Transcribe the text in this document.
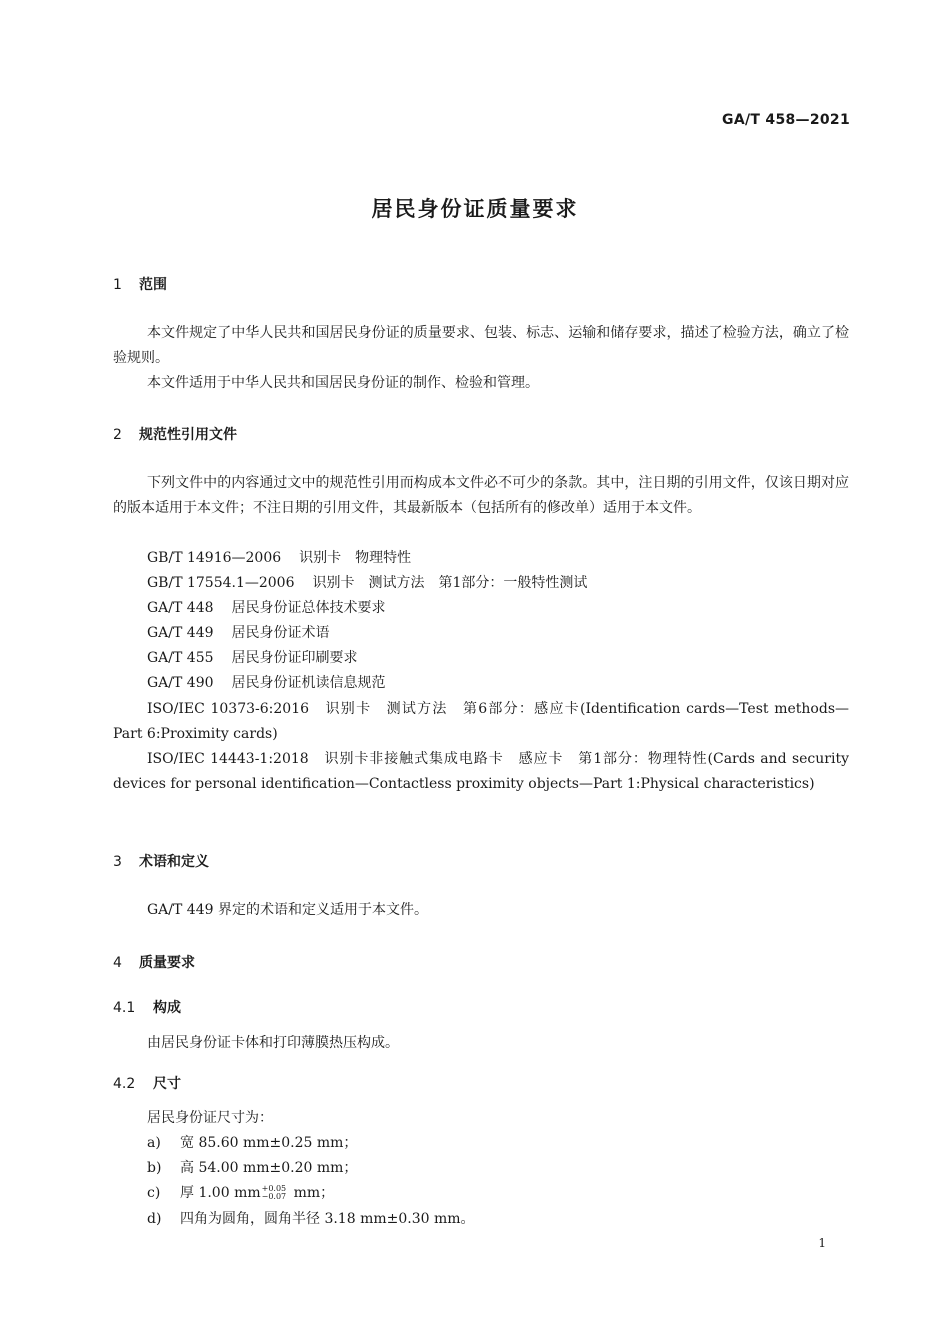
GA/T 458—2021
居民身份证质量要求
1 范围
本文件规定了中华人民共和国居民身份证的质量要求、包装、标志、运输和储存要求，描述了检验方法，确立了检验规则。
本文件适用于中华人民共和国居民身份证的制作、检验和管理。
2 规范性引用文件
下列文件中的内容通过文中的规范性引用而构成本文件必不可少的条款。其中，注日期的引用文件，仅该日期对应的版本适用于本文件；不注日期的引用文件，其最新版本（包括所有的修改单）适用于本文件。
GB/T 14916—2006 识别卡　物理特性
GB/T 17554.1—2006 识别卡　测试方法　第1部分：一般特性测试
GA/T 448 居民身份证总体技术要求
GA/T 449 居民身份证术语
GA/T 455 居民身份证印刷要求
GA/T 490 居民身份证机读信息规范
ISO/IEC 10373-6:2016　识别卡　测试方法　第6部分：感应卡(Identification cards—Test methods—Part 6:Proximity cards)
ISO/IEC 14443-1:2018　识别卡非接触式集成电路卡　感应卡　第1部分：物理特性(Cards and security devices for personal identification—Contactless proximity objects—Part 1:Physical characteristics)
3 术语和定义
GA/T 449 界定的术语和定义适用于本文件。
4 质量要求
4.1 构成
由居民身份证卡体和打印薄膜热压构成。
4.2 尺寸
居民身份证尺寸为：
a) 宽 85.60 mm±0.25 mm；
b) 高 54.00 mm±0.20 mm；
c) 厚 1.00 mm +0.05
−0.07 mm；
d) 四角为圆角，圆角半径 3.18 mm±0.30 mm。
1
